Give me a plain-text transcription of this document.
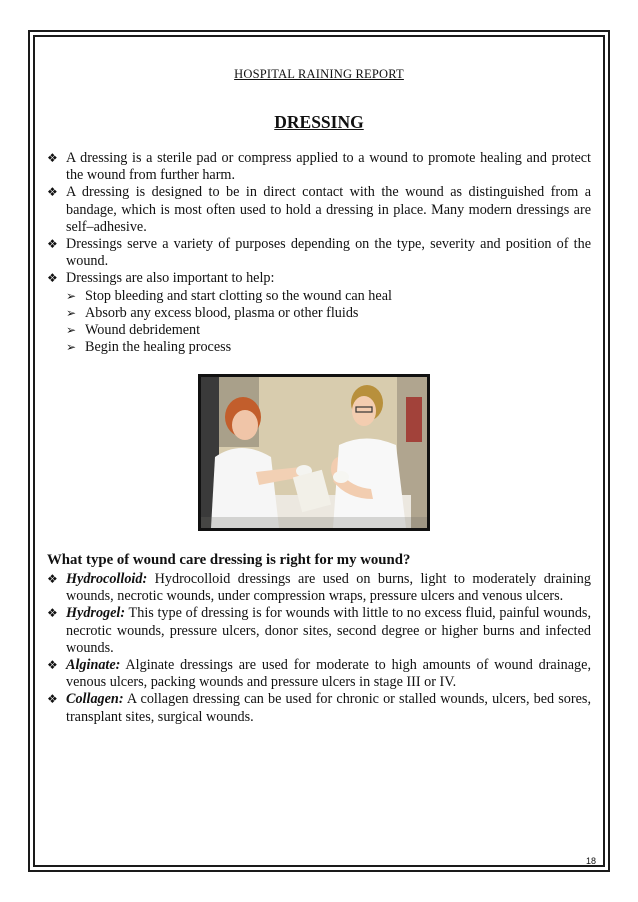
HOSPITAL RAINING REPORT
DRESSING
❖ A dressing is a sterile pad or compress applied to a wound to promote healing and protect the wound from further harm.
❖ A dressing is designed to be in direct contact with the wound as distinguished from a bandage, which is most often used to hold a dressing in place. Many modern dressings are self–adhesive.
❖ Dressings serve a variety of purposes depending on the type, severity and position of the wound.
❖ Dressings are also important to help:
➢ Stop bleeding and start clotting so the wound can heal
➢ Absorb any excess blood, plasma or other fluids
➢ Wound debridement
➢ Begin the healing process
What type of wound care dressing is right for my wound?
❖ Hydrocolloid: Hydrocolloid dressings are used on burns, light to moderately draining wounds, necrotic wounds, under compression wraps, pressure ulcers and venous ulcers.
❖ Hydrogel: This type of dressing is for wounds with little to no excess fluid, painful wounds, necrotic wounds, pressure ulcers, donor sites, second degree or higher burns and infected wounds.
❖ Alginate: Alginate dressings are used for moderate to high amounts of wound drainage, venous ulcers, packing wounds and pressure ulcers in stage III or IV.
❖ Collagen: A collagen dressing can be used for chronic or stalled wounds, ulcers, bed sores, transplant sites, surgical wounds.
18
